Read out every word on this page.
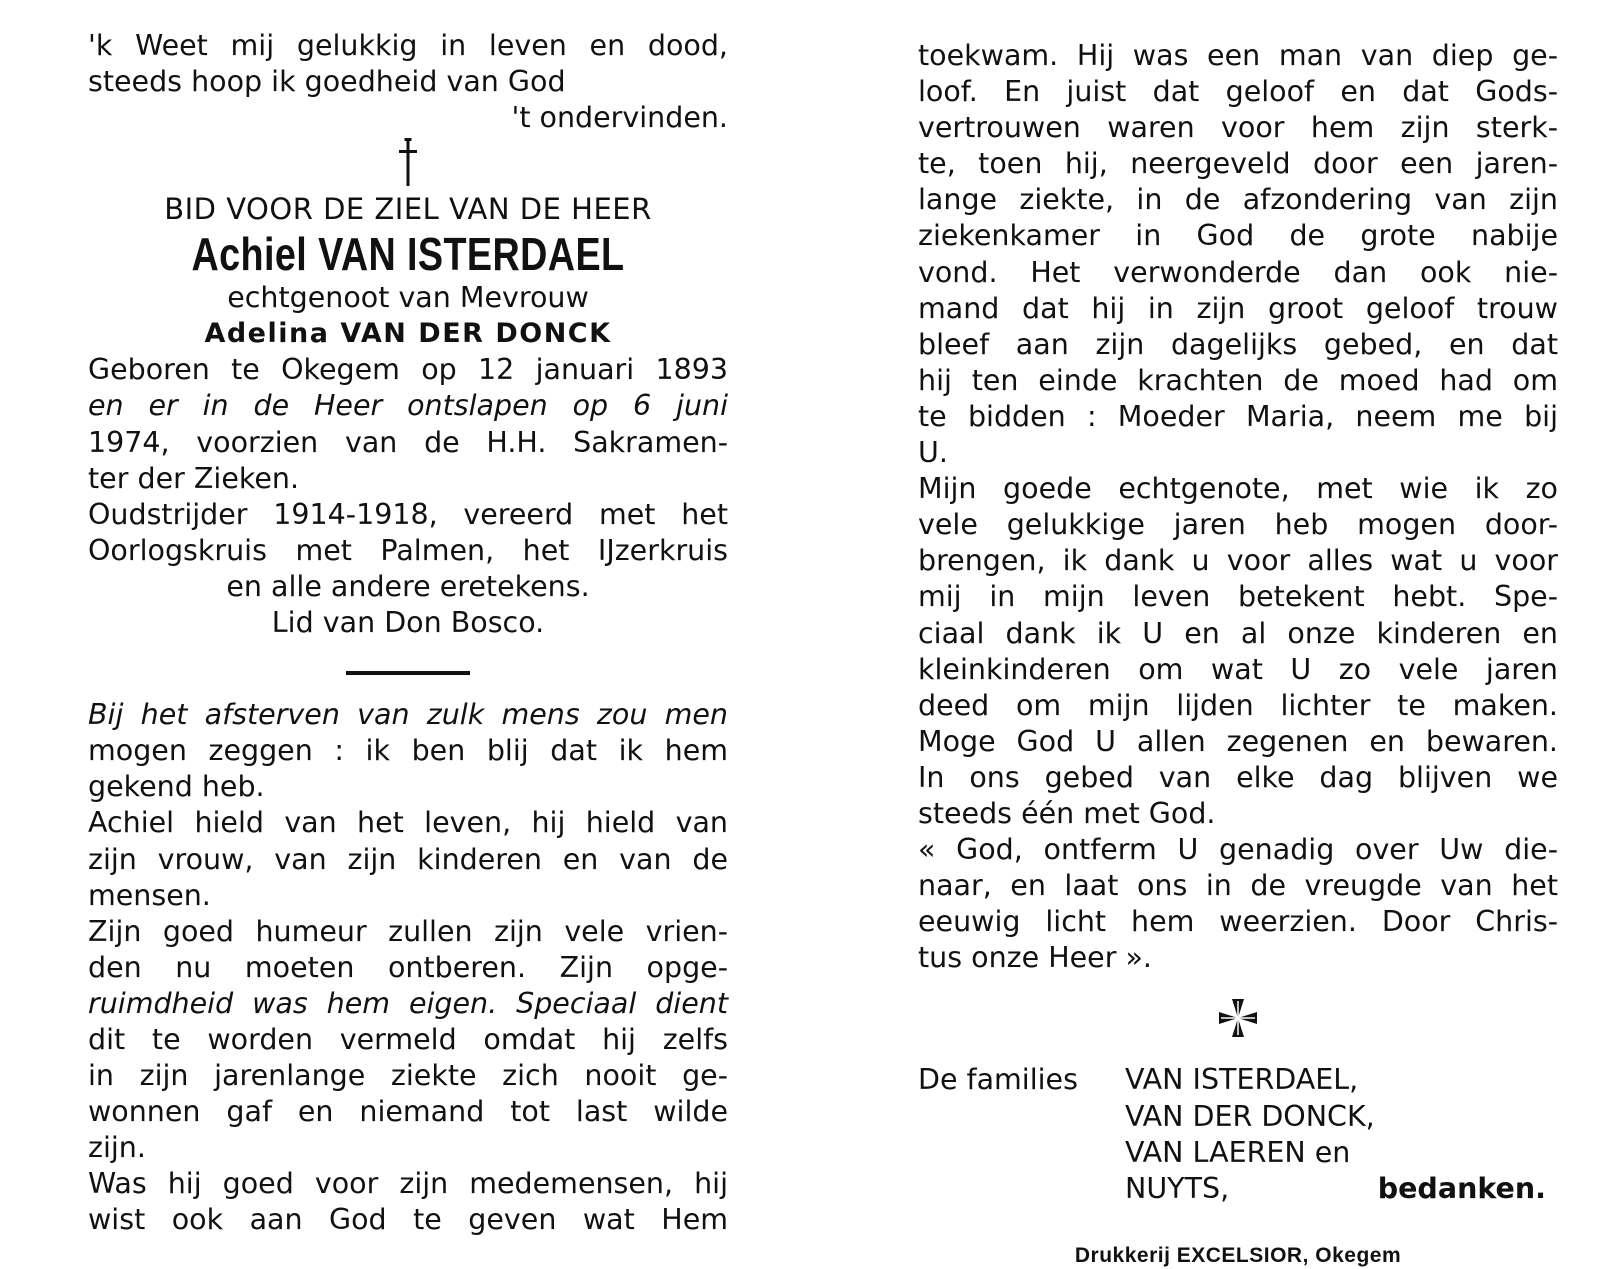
'k Weet mij gelukkig in leven en dood,
steeds hoop ik goedheid van God
't ondervinden.
BID VOOR DE ZIEL VAN DE HEER
Achiel VAN ISTERDAEL
echtgenoot van Mevrouw
Adelina VAN DER DONCK
Geboren te Okegem op 12 januari 1893
en er in de Heer ontslapen op 6 juni
1974, voorzien van de H.H. Sakramen-
ter der Zieken.
Oudstrijder 1914-1918, vereerd met het
Oorlogskruis met Palmen, het IJzerkruis
en alle andere eretekens.
Lid van Don Bosco.
Bij het afsterven van zulk mens zou men
mogen zeggen : ik ben blij dat ik hem
gekend heb.
Achiel hield van het leven, hij hield van
zijn vrouw, van zijn kinderen en van de
mensen.
Zijn goed humeur zullen zijn vele vrien-
den nu moeten ontberen. Zijn opge-
ruimdheid was hem eigen. Speciaal dient
dit te worden vermeld omdat hij zelfs
in zijn jarenlange ziekte zich nooit ge-
wonnen gaf en niemand tot last wilde
zijn.
Was hij goed voor zijn medemensen, hij
wist ook aan God te geven wat Hem
toekwam. Hij was een man van diep ge-
loof. En juist dat geloof en dat Gods-
vertrouwen waren voor hem zijn sterk-
te, toen hij, neergeveld door een jaren-
lange ziekte, in de afzondering van zijn
ziekenkamer in God de grote nabije
vond. Het verwonderde dan ook nie-
mand dat hij in zijn groot geloof trouw
bleef aan zijn dagelijks gebed, en dat
hij ten einde krachten de moed had om
te bidden : Moeder Maria, neem me bij
U.
Mijn goede echtgenote, met wie ik zo
vele gelukkige jaren heb mogen door-
brengen, ik dank u voor alles wat u voor
mij in mijn leven betekent hebt. Spe-
ciaal dank ik U en al onze kinderen en
kleinkinderen om wat U zo vele jaren
deed om mijn lijden lichter te maken.
Moge God U allen zegenen en bewaren.
In ons gebed van elke dag blijven we
steeds één met God.
« God, ontferm U genadig over Uw die-
naar, en laat ons in de vreugde van het
eeuwig licht hem weerzien. Door Chris-
tus onze Heer ».
De families VAN ISTERDAEL,
VAN DER DONCK,
VAN LAEREN en
NUYTS,	bedanken.
Drukkerij EXCELSIOR, Okegem
